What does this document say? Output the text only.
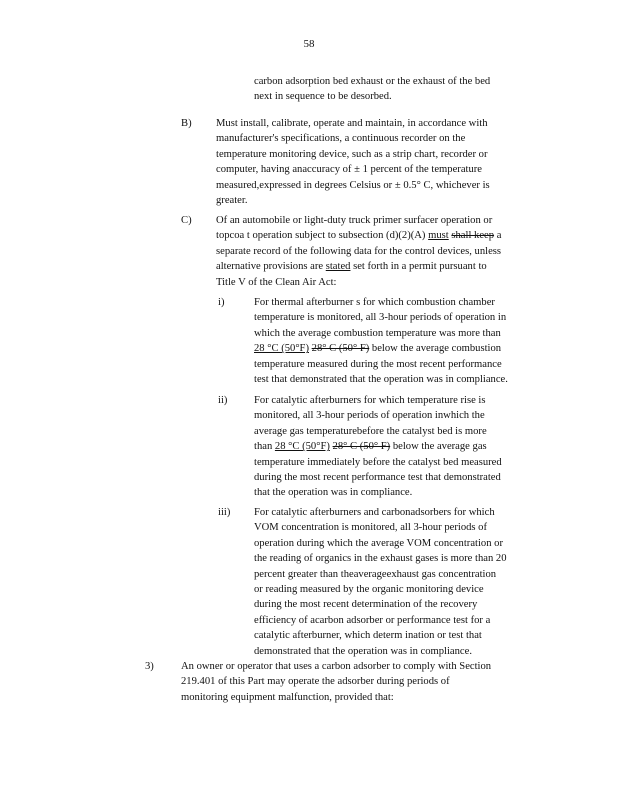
58
carbon adsorption bed exhaust or the exhaust of the bed
next in sequence to be desorbed.
B) Must install, calibrate, operate and maintain, in accordance with
manufacturer's specifications, a continuous recorder on the
temperature monitoring device, such as a strip chart, recorder or
computer, having anaccuracy of ± 1 percent of the temperature
measured,expressed in degrees Celsius or ± 0.5° C, whichever is
greater.
C) Of an automobile or light-duty truck primer surfacer operation or
topcoa t operation subject to subsection (d)(2)(A) must shall keep a
separate record of the following data for the control devices, unless
alternative provisions are stated set forth in a permit pursuant to
Title V of the Clean Air Act:
i)	For thermal afterburner s for which combustion chamber
temperature is monitored, all 3-hour periods of operation in
which the average combustion temperature was more than
28 °C (50°F) 28° C (50° F) below the average combustion
temperature measured during the most recent performance
test that demonstrated that the operation was in compliance.
ii)	For catalytic afterburners for which temperature rise is
monitored, all 3-hour periods of operation inwhich the
average gas temperaturebefore the catalyst bed is more
than 28 °C (50°F) 28° C (50° F) below the average gas
temperature immediately before the catalyst bed measured
during the most recent performance test that demonstrated
that the operation was in compliance.
iii) For catalytic afterburners and carbonadsorbers for which
VOM concentration is monitored, all 3-hour periods of
operation during which the average VOM concentration or
the reading of organics in the exhaust gases is more than 20
percent greater than theaverageexhaust gas concentration
or reading measured by the organic monitoring device
during the most recent determination of the recovery
efficiency of acarbon adsorber or performance test for a
catalytic afterburner, which determ ination or test that
demonstrated that the operation was in compliance.
3)	An owner or operator that uses a carbon adsorber to comply with Section
219.401 of this Part may operate the adsorber during periods of
monitoring equipment malfunction, provided that:
